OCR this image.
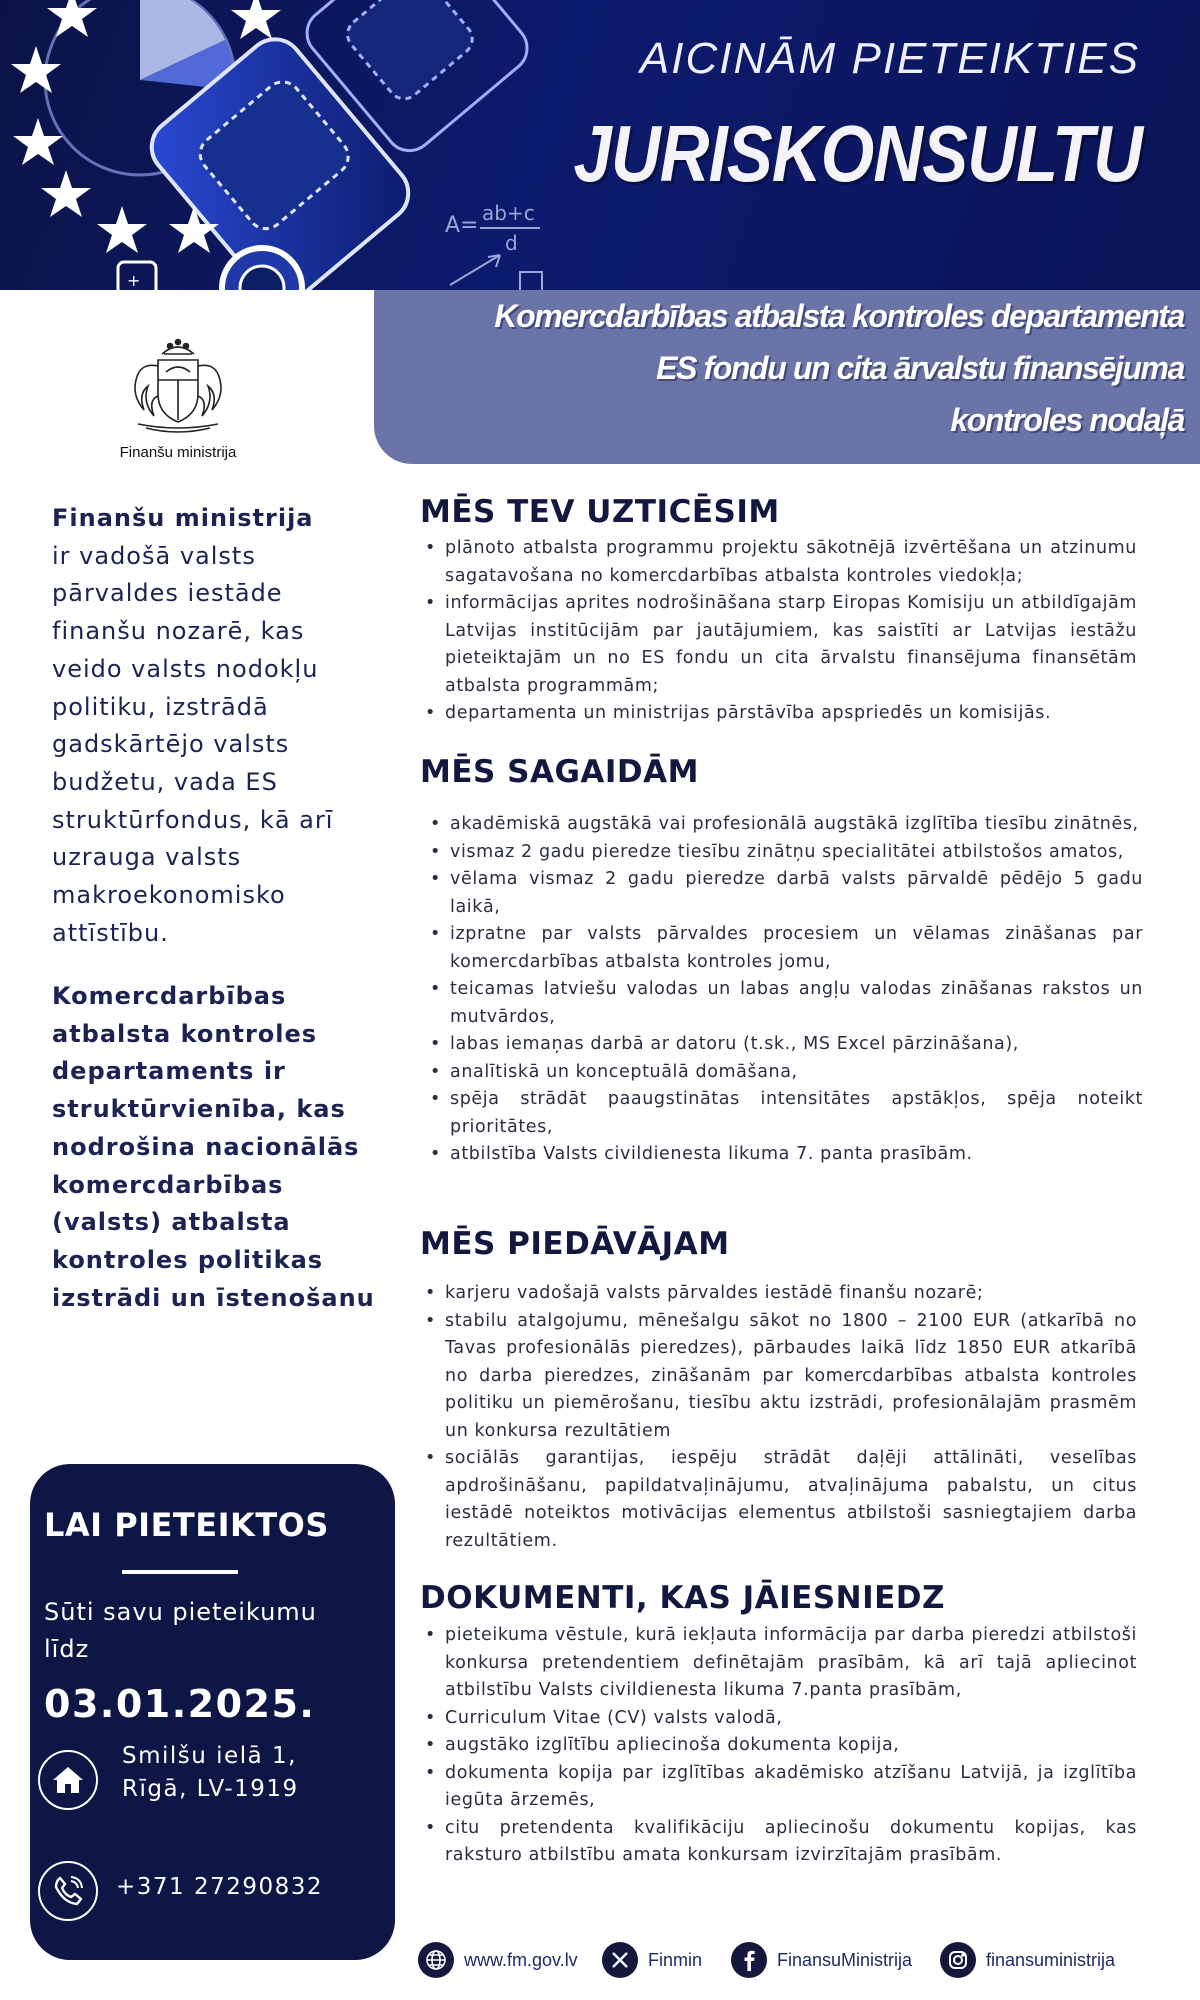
A= ab+c
d
+
AICINĀM PIETEIKTIES
JURISKONSULTU
Komercdarbības atbalsta kontroles departamenta
ES fondu un cita ārvalstu finansējuma
kontroles nodaļā
Finanšu ministrija
Finanšu ministrija
ir vadošā valsts pārvaldes iestāde finanšu nozarē, kas veido valsts nodokļu politiku, izstrādā gadskārtējo valsts budžetu, vada ES struktūrfondus, kā arī uzrauga valsts makroekonomisko attīstību.
Komercdarbības atbalsta kontroles departaments ir struktūrvienība, kas nodrošina nacionālās komercdarbības (valsts) atbalsta kontroles politikas izstrādi un īstenošanu
LAI PIETEIKTOS
Sūti savu pieteikumu līdz
03.01.2025.
Smilšu ielā 1,
Rīgā, LV-1919
+371 27290832
MĒS TEV UZTICĒSIM
• plānoto atbalsta programmu projektu sākotnējā izvērtēšana un atzinumu sagatavošana no komercdarbības atbalsta kontroles viedokļa;
• informācijas aprites nodrošināšana starp Eiropas Komisiju un atbildīgajām Latvijas institūcijām par jautājumiem, kas saistīti ar Latvijas iestāžu pieteiktajām un no ES fondu un cita ārvalstu finansējuma finansētām atbalsta programmām;
• departamenta un ministrijas pārstāvība apspriedēs un komisijās.
MĒS SAGAIDĀM
• akadēmiskā augstākā vai profesionālā augstākā izglītība tiesību zinātnēs,
• vismaz 2 gadu pieredze tiesību zinātņu specialitātei atbilstošos amatos,
• vēlama vismaz 2 gadu pieredze darbā valsts pārvaldē pēdējo 5 gadu laikā,
• izpratne par valsts pārvaldes procesiem un vēlamas zināšanas par komercdarbības atbalsta kontroles jomu,
• teicamas latviešu valodas un labas angļu valodas zināšanas rakstos un mutvārdos,
• labas iemaņas darbā ar datoru (t.sk., MS Excel pārzināšana),
• analītiskā un konceptuālā domāšana,
• spēja strādāt paaugstinātas intensitātes apstākļos, spēja noteikt prioritātes,
• atbilstība Valsts civildienesta likuma 7. panta prasībām.
MĒS PIEDĀVĀJAM
• karjeru vadošajā valsts pārvaldes iestādē finanšu nozarē;
• stabilu atalgojumu, mēnešalgu sākot no 1800 – 2100 EUR (atkarībā no Tavas profesionālās pieredzes), pārbaudes laikā līdz 1850 EUR atkarībā no darba pieredzes, zināšanām par komercdarbības atbalsta kontroles politiku un piemērošanu, tiesību aktu izstrādi, profesionālajām prasmēm un konkursa rezultātiem
• sociālās garantijas, iespēju strādāt daļēji attālināti, veselības apdrošināšanu, papildatvaļinājumu, atvaļinājuma pabalstu, un citus iestādē noteiktos motivācijas elementus atbilstoši sasniegtajiem darba rezultātiem.
DOKUMENTI, KAS JĀIESNIEDZ
• pieteikuma vēstule, kurā iekļauta informācija par darba pieredzi atbilstoši konkursa pretendentiem definētajām prasībām, kā arī tajā apliecinot atbilstību Valsts civildienesta likuma 7.panta prasībām,
• Curriculum Vitae (CV) valsts valodā,
• augstāko izglītību apliecinoša dokumenta kopija,
• dokumenta kopija par izglītības akadēmisko atzīšanu Latvijā, ja izglītība iegūta ārzemēs,
• citu pretendenta kvalifikāciju apliecinošu dokumentu kopijas, kas raksturo atbilstību amata konkursam izvirzītajām prasībām.
www.fm.gov.lv	Finmin	FinansuMinistrija	finansuministrija
